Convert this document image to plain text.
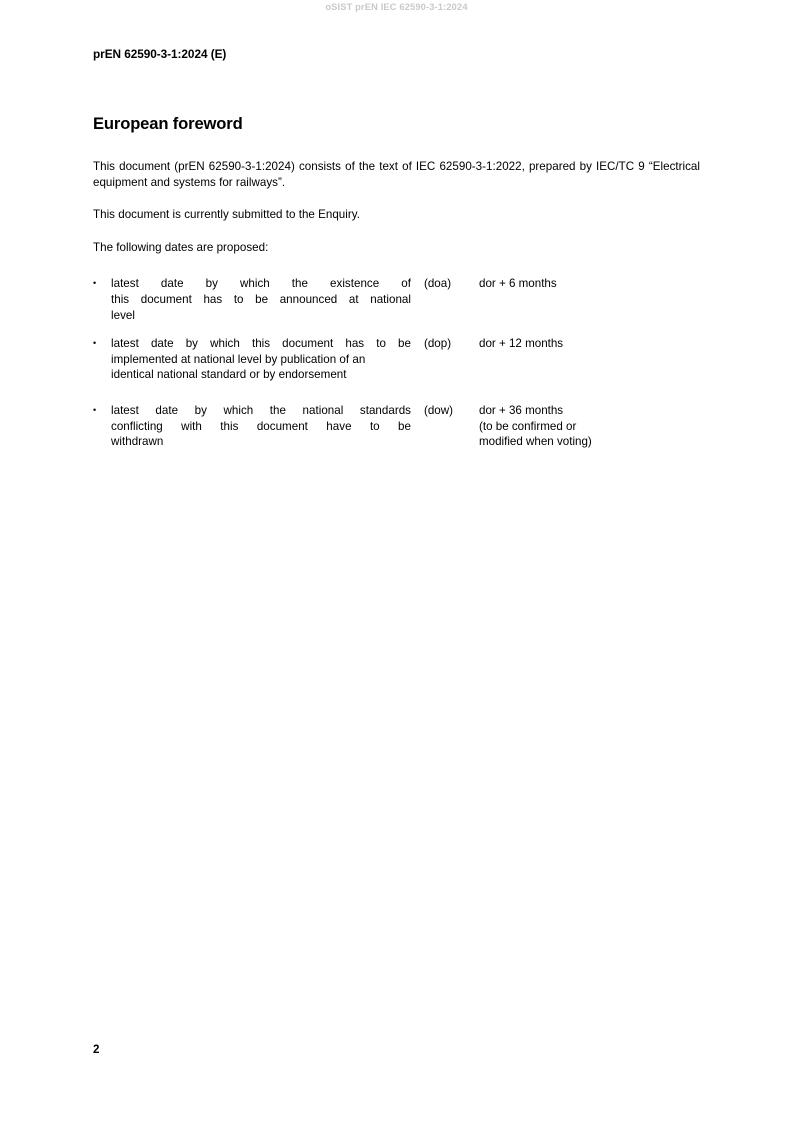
oSIST prEN IEC 62590-3-1:2024

prEN 62590-3-1:2024 (E)

European foreword

This document (prEN 62590-3-1:2024) consists of the text of IEC 62590-3-1:2022, prepared by IEC/TC 9 “Electrical equipment and systems for railways”.

This document is currently submitted to the Enquiry.

The following dates are proposed:

•	latest date by which the existence of
this document has to be announced at national
level
(doa)	dor + 6 months
•	latest date by which this document has to be
implemented at national level by publication of an
identical national standard or by endorsement
(dop)	dor + 12 months
•	latest date by which the national standards
conflicting with this document have to be
withdrawn
(dow)	dor + 36 months
(to be confirmed or
modified when voting)
2
